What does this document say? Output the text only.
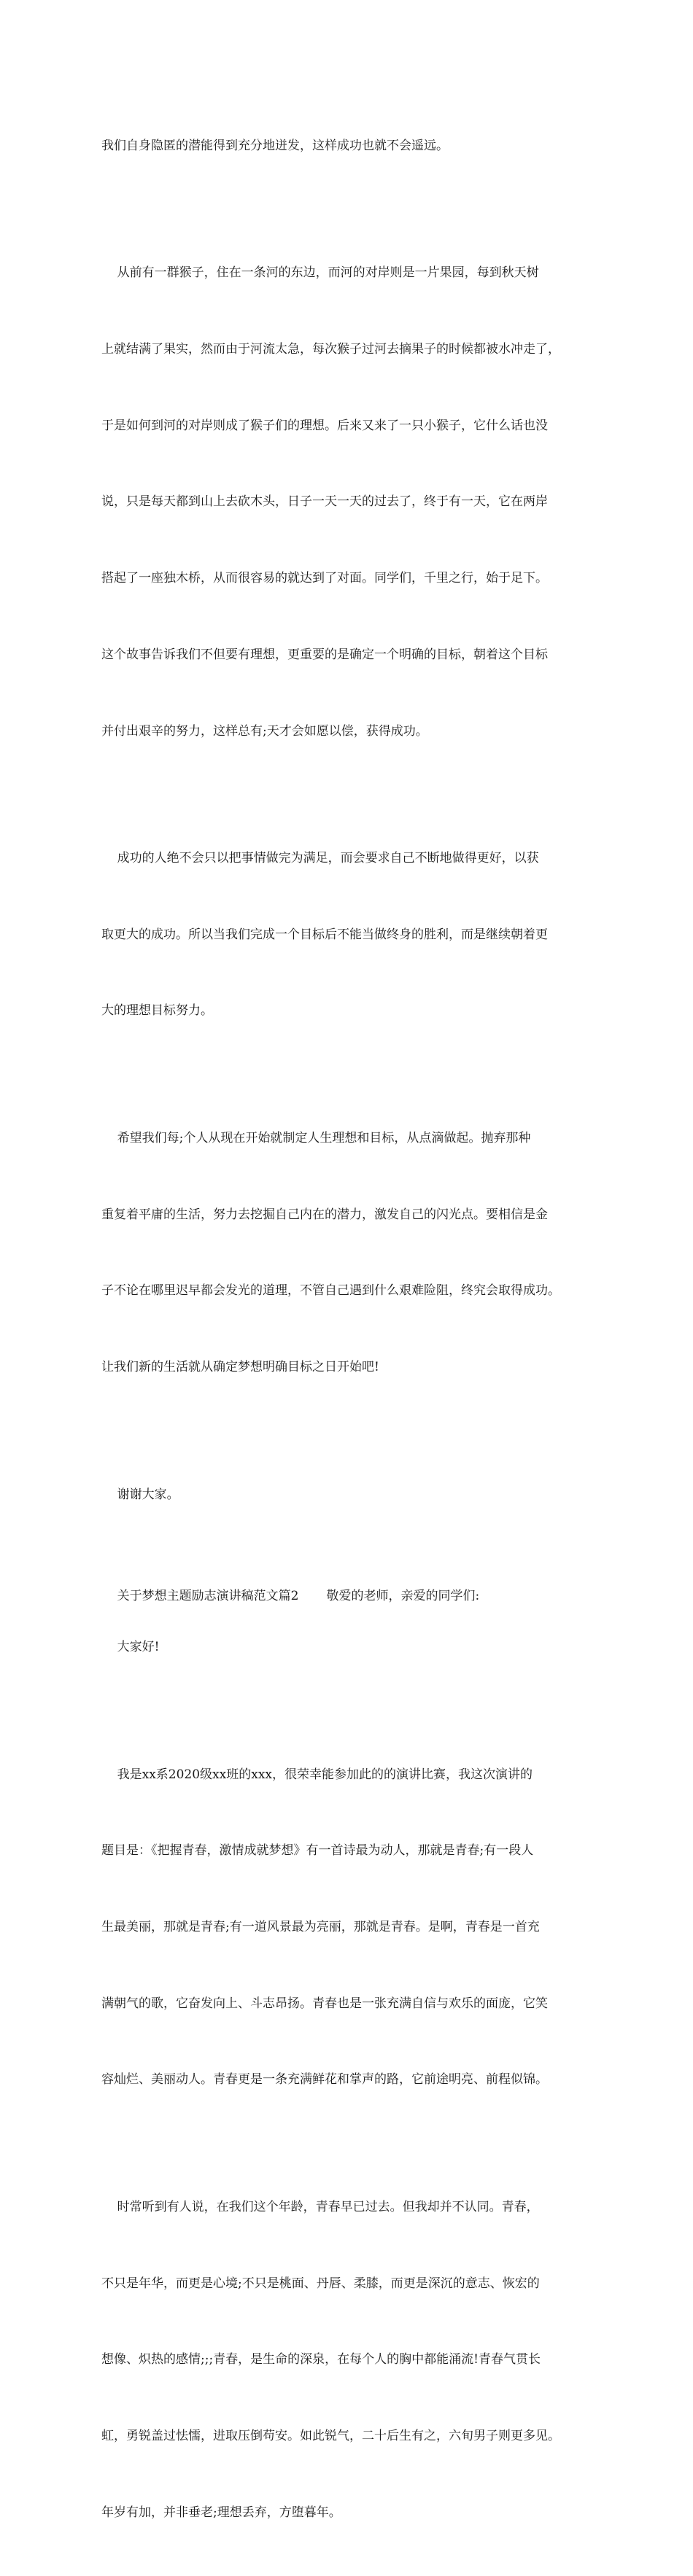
我们自身隐匿的潜能得到充分地迸发，这样成功也就不会遥远。

从前有一群猴子，住在一条河的东边，而河的对岸则是一片果园，每到秋天树

上就结满了果实，然而由于河流太急，每次猴子过河去摘果子的时候都被水冲走了，

于是如何到河的对岸则成了猴子们的理想。后来又来了一只小猴子，它什么话也没

说，只是每天都到山上去砍木头，日子一天一天的过去了，终于有一天，它在两岸

搭起了一座独木桥，从而很容易的就达到了对面。同学们，千里之行，始于足下。

这个故事告诉我们不但要有理想，更重要的是确定一个明确的目标，朝着这个目标

并付出艰辛的努力，这样总有;天才会如愿以偿，获得成功。

成功的人绝不会只以把事情做完为满足，而会要求自己不断地做得更好，以获

取更大的成功。所以当我们完成一个目标后不能当做终身的胜利，而是继续朝着更

大的理想目标努力。

希望我们每;个人从现在开始就制定人生理想和目标，从点滴做起。抛弃那种

重复着平庸的生活，努力去挖掘自己内在的潜力，激发自己的闪光点。要相信是金

子不论在哪里迟早都会发光的道理，不管自己遇到什么艰难险阻，终究会取得成功。

让我们新的生活就从确定梦想明确目标之日开始吧!

谢谢大家。

关于梦想主题励志演讲稿范文篇2 敬爱的老师，亲爱的同学们:

大家好!

我是xx系2020级xx班的xxx，很荣幸能参加此的的演讲比赛，我这次演讲的

题目是：《把握青春，激情成就梦想》有一首诗最为动人，那就是青春;有一段人

生最美丽，那就是青春;有一道风景最为亮丽，那就是青春。是啊，青春是一首充

满朝气的歌，它奋发向上、斗志昂扬。青春也是一张充满自信与欢乐的面庞，它笑

容灿烂、美丽动人。青春更是一条充满鲜花和掌声的路，它前途明亮、前程似锦。

时常听到有人说，在我们这个年龄，青春早已过去。但我却并不认同。青春，

不只是年华，而更是心境;不只是桃面、丹唇、柔膝，而更是深沉的意志、恢宏的

想像、炽热的感情;;;青春，是生命的深泉，在每个人的胸中都能涌流!青春气贯长

虹，勇锐盖过怯懦，进取压倒苟安。如此锐气，二十后生有之，六旬男子则更多见。

年岁有加，并非垂老;理想丢弃，方堕暮年。
